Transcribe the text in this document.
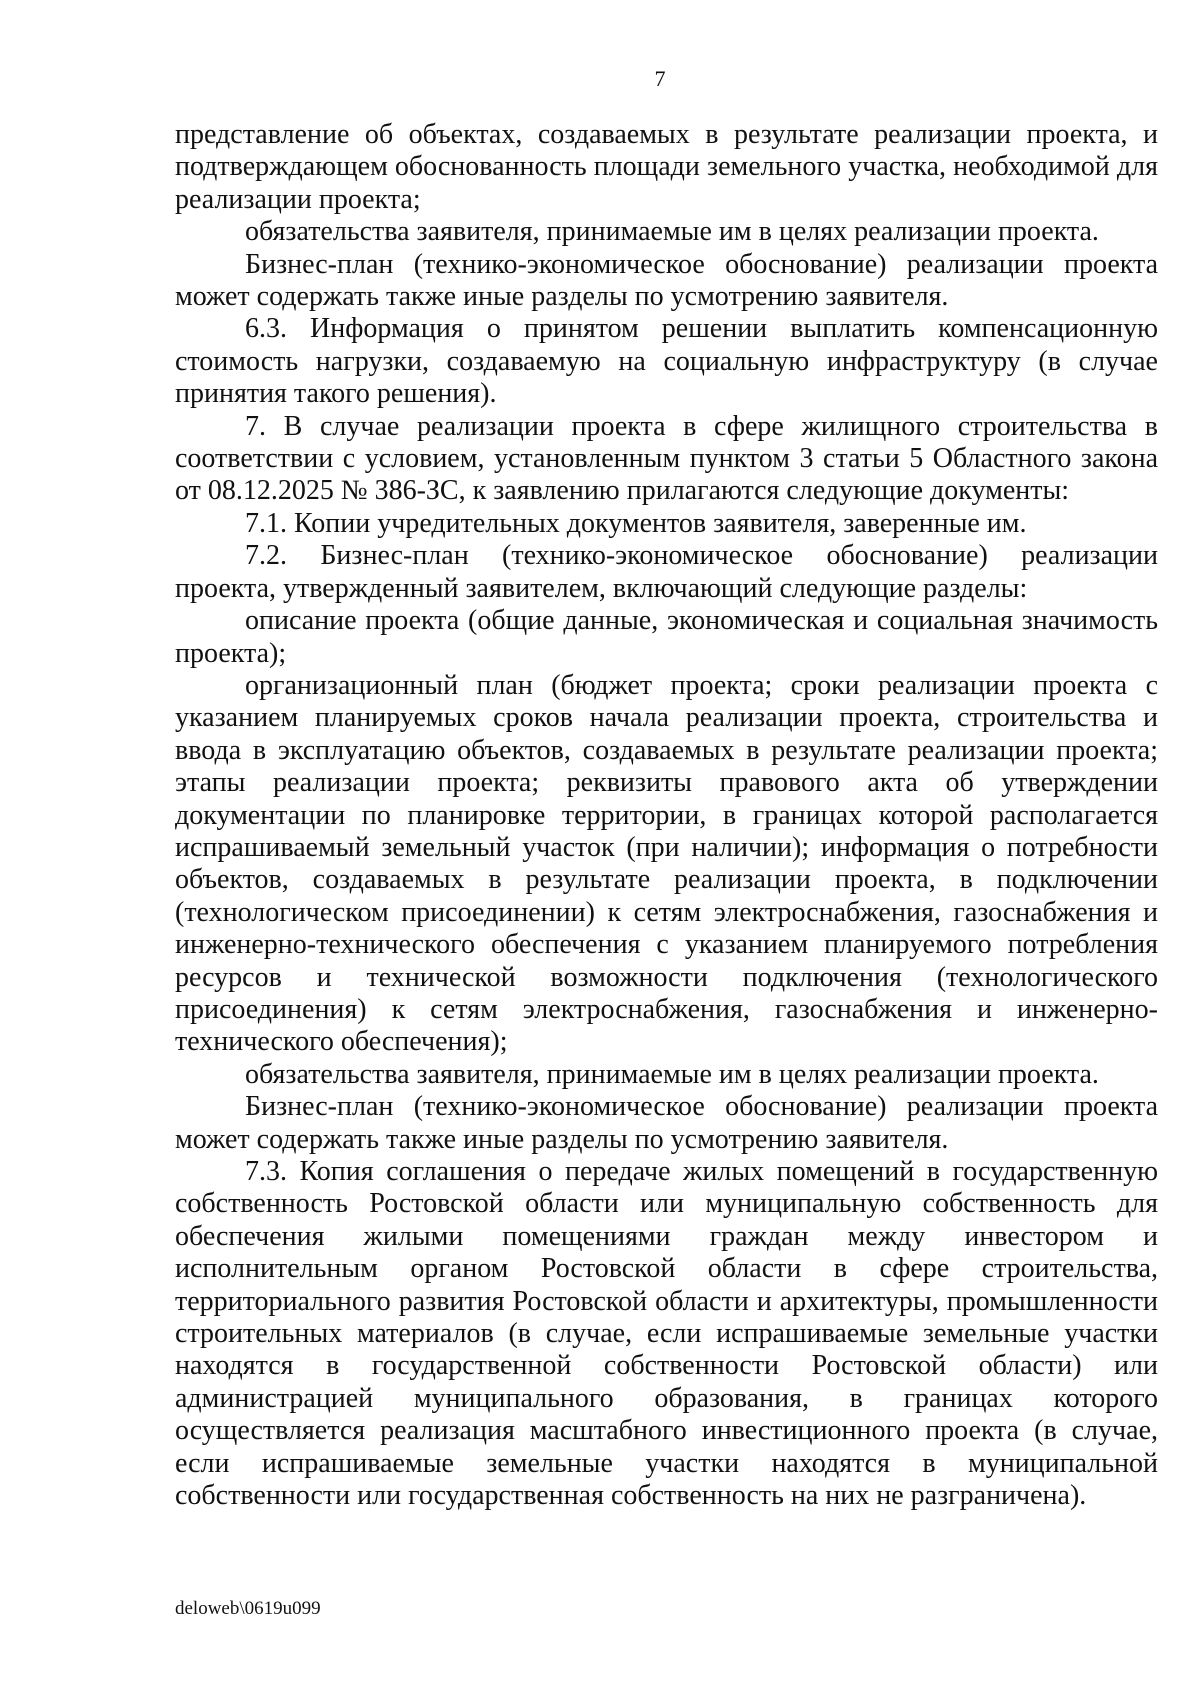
7

представление об объектах, создаваемых в результате реализации проекта, и подтверждающем обоснованность площади земельного участка, необходимой для реализации проекта;

обязательства заявителя, принимаемые им в целях реализации проекта.

Бизнес-план (технико-экономическое обоснование) реализации проекта может содержать также иные разделы по усмотрению заявителя.

6.3. Информация о принятом решении выплатить компенсационную стоимость нагрузки, создаваемую на социальную инфраструктуру (в случае принятия такого решения).

7. В случае реализации проекта в сфере жилищного строительства в соответствии с условием, установленным пунктом 3 статьи 5 Областного закона от 08.12.2025 № 386-ЗС, к заявлению прилагаются следующие документы:

7.1. Копии учредительных документов заявителя, заверенные им.

7.2. Бизнес-план (технико-экономическое обоснование) реализации проекта, утвержденный заявителем, включающий следующие разделы:

описание проекта (общие данные, экономическая и социальная значимость проекта);

организационный план (бюджет проекта; сроки реализации проекта с указанием планируемых сроков начала реализации проекта, строительства и ввода в эксплуатацию объектов, создаваемых в результате реализации проекта; этапы реализации проекта; реквизиты правового акта об утверждении документации по планировке территории, в границах которой располагается испрашиваемый земельный участок (при наличии); информация о потребности объектов, создаваемых в результате реализации проекта, в подключении (технологическом присоединении) к сетям электроснабжения, газоснабжения и инженерно-технического обеспечения с указанием планируемого потребления ресурсов и технической возможности подключения (технологического присоединения) к сетям электроснабжения, газоснабжения и инженерно-технического обеспечения);

обязательства заявителя, принимаемые им в целях реализации проекта.

Бизнес-план (технико-экономическое обоснование) реализации проекта может содержать также иные разделы по усмотрению заявителя.

7.3. Копия соглашения о передаче жилых помещений в государственную собственность Ростовской области или муниципальную собственность для обеспечения жилыми помещениями граждан между инвестором и исполнительным органом Ростовской области в сфере строительства, территориального развития Ростовской области и архитектуры, промышленности строительных материалов (в случае, если испрашиваемые земельные участки находятся в государственной собственности Ростовской области) или администрацией муниципального образования, в границах которого осуществляется реализация масштабного инвестиционного проекта (в случае, если испрашиваемые земельные участки находятся в муниципальной собственности или государственная собственность на них не разграничена).

deloweb\0619u099
